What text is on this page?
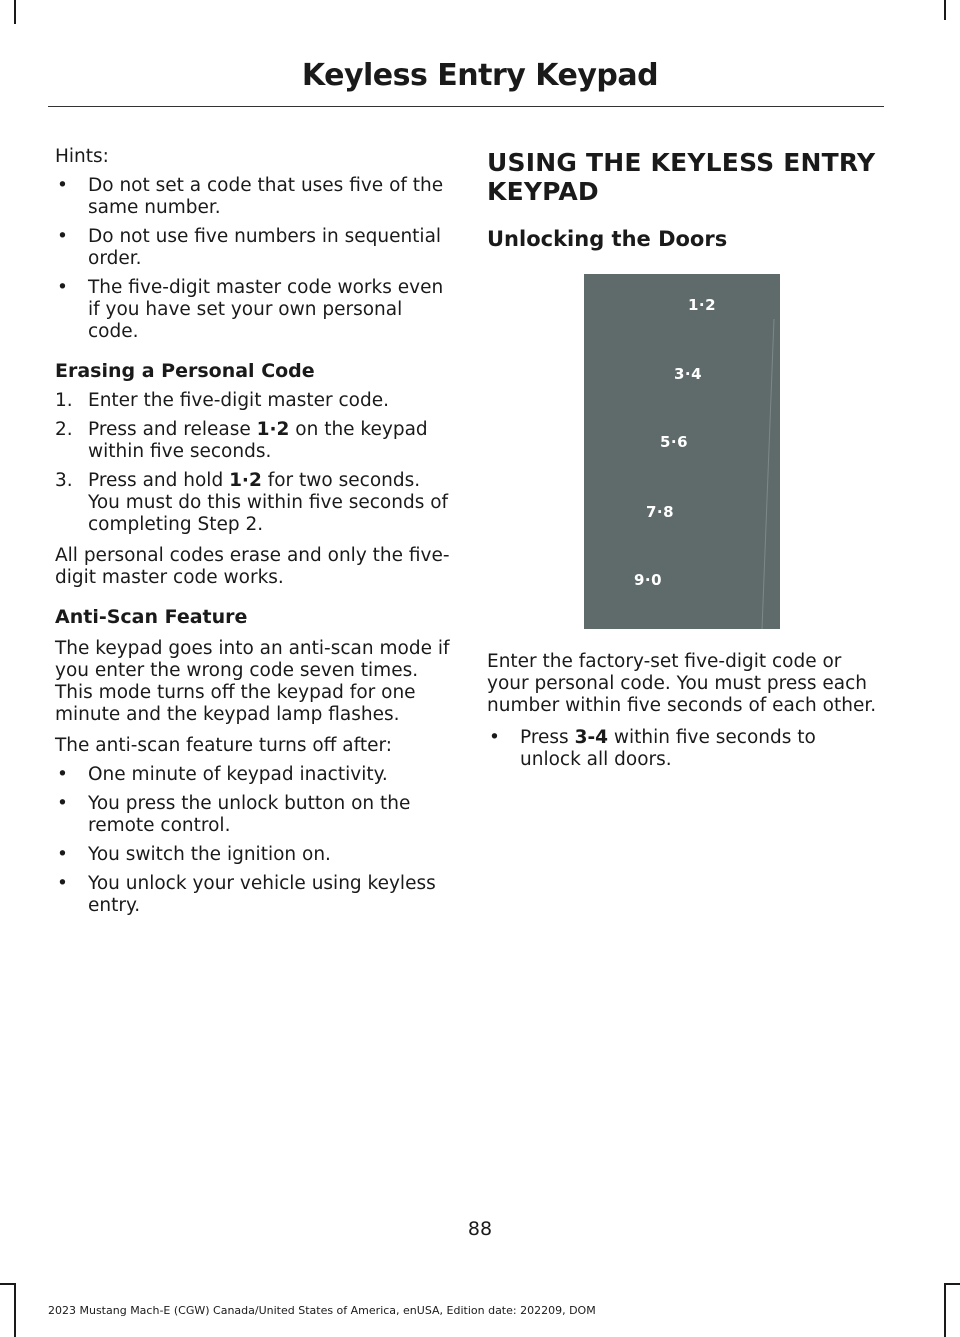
Keyless Entry Keypad

Hints:

• Do not set a code that uses five of the same number.
• Do not use five numbers in sequential order.
• The five-digit master code works even if you have set your own personal code.
Erasing a Personal Code
1. Enter the five-digit master code.
2. Press and release 1·2 on the keypad within five seconds.
3. Press and hold 1·2 for two seconds. You must do this within five seconds of completing Step 2.

All personal codes erase and only the five-digit master code works.

Anti-Scan Feature

The keypad goes into an anti-scan mode if you enter the wrong code seven times. This mode turns off the keypad for one minute and the keypad lamp flashes.

The anti-scan feature turns off after:

• One minute of keypad inactivity.
• You press the unlock button on the remote control.
• You switch the ignition on.
• You unlock your vehicle using keyless entry.
USING THE KEYLESS ENTRY
KEYPAD
Unlocking the Doors
1·2
3·4
5·6
7·8
9·0

Enter the factory-set five-digit code or your personal code. You must press each number within five seconds of each other.

• Press 3-4 within five seconds to unlock all doors.
88
2023 Mustang Mach-E (CGW) Canada/United States of America, enUSA, Edition date: 202209, DOM
